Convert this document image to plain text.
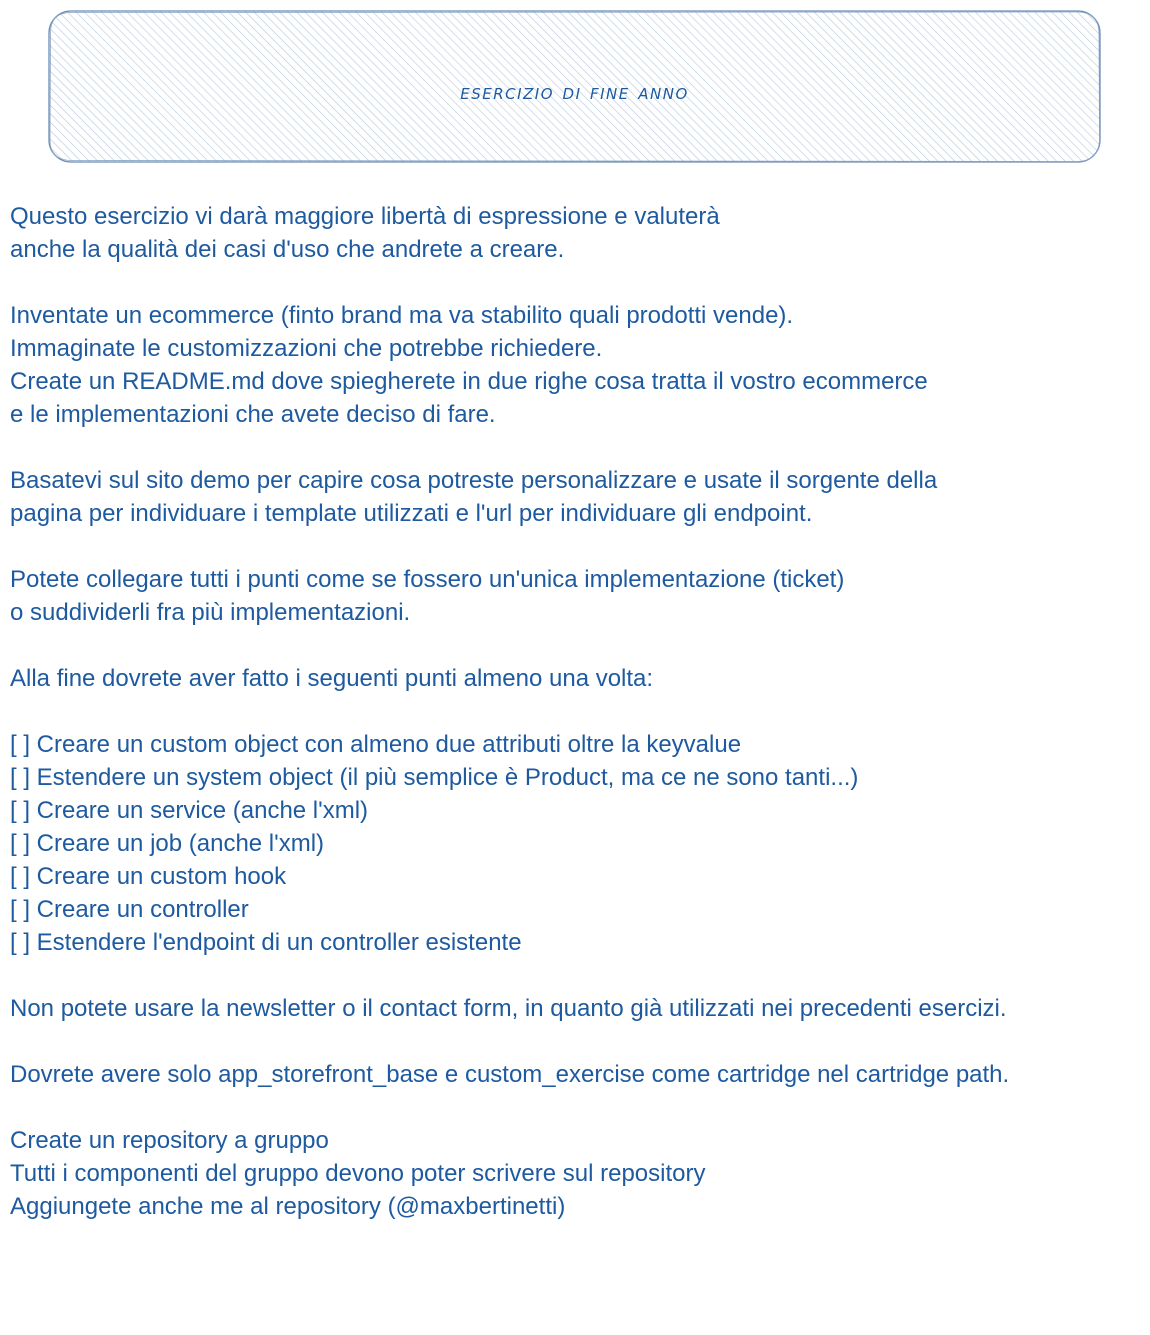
esercizio di fine anno
Questo esercizio vi darà maggiore libertà di espressione e valuterà
anche la qualità dei casi d'uso che andrete a creare.
Inventate un ecommerce (finto brand ma va stabilito quali prodotti vende).
Immaginate le customizzazioni che potrebbe richiedere.
Create un README.md dove spiegherete in due righe cosa tratta il vostro ecommerce
e le implementazioni che avete deciso di fare.
Basatevi sul sito demo per capire cosa potreste personalizzare e usate il sorgente della
pagina per individuare i template utilizzati e l'url per individuare gli endpoint.
Potete collegare tutti i punti come se fossero un'unica implementazione (ticket)
o suddividerli fra più implementazioni.
Alla fine dovrete aver fatto i seguenti punti almeno una volta:
[ ] Creare un custom object con almeno due attributi oltre la keyvalue
[ ] Estendere un system object (il più semplice è Product, ma ce ne sono tanti...)
[ ] Creare un service (anche l'xml)
[ ] Creare un job (anche l'xml)
[ ] Creare un custom hook
[ ] Creare un controller
[ ] Estendere l'endpoint di un controller esistente
Non potete usare la newsletter o il contact form, in quanto già utilizzati nei precedenti esercizi.
Dovrete avere solo app_storefront_base e custom_exercise come cartridge nel cartridge path.
Create un repository a gruppo
Tutti i componenti del gruppo devono poter scrivere sul repository
Aggiungete anche me al repository (@maxbertinetti)
